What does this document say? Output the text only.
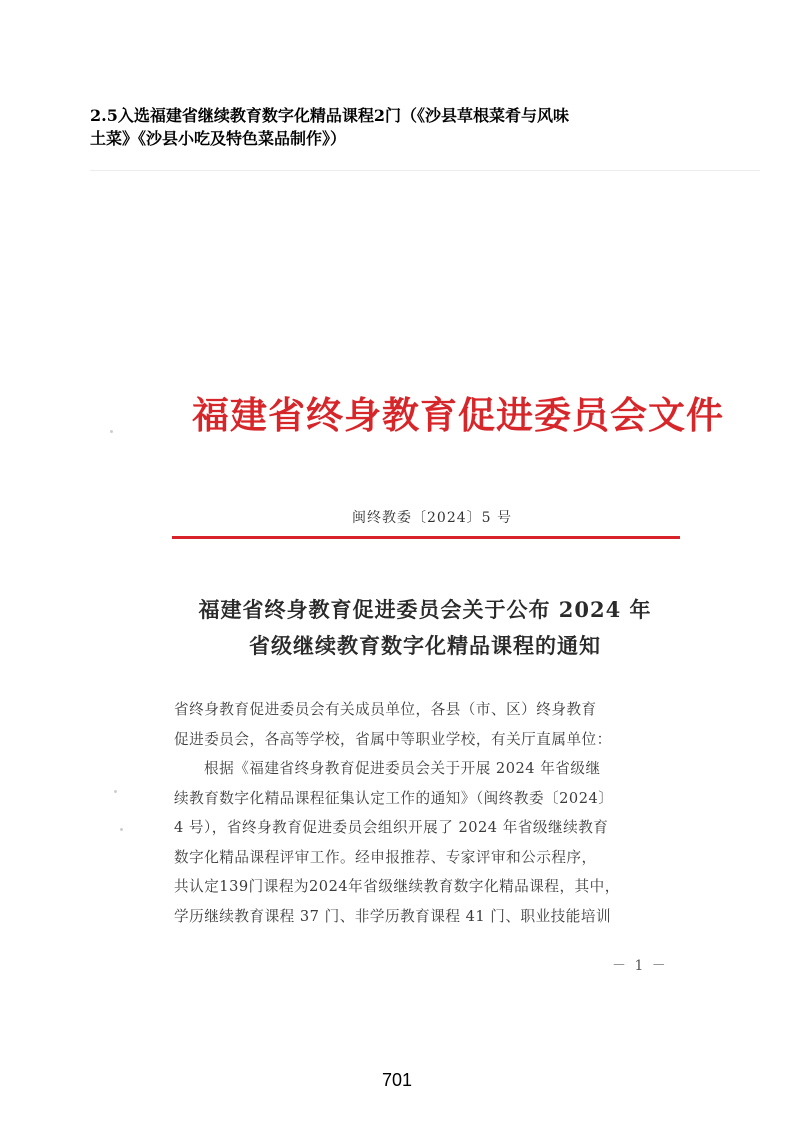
2.5入选福建省继续教育数字化精品课程2门（《沙县草根菜肴与风味
土菜》《沙县小吃及特色菜品制作》）
福建省终身教育促进委员会文件
闽终教委〔2024〕5 号
福建省终身教育促进委员会关于公布 2024 年
省级继续教育数字化精品课程的通知
省终身教育促进委员会有关成员单位，各县（市、区）终身教育
促进委员会，各高等学校，省属中等职业学校，有关厅直属单位：
根据《福建省终身教育促进委员会关于开展 2024 年省级继
续教育数字化精品课程征集认定工作的通知》（闽终教委〔2024〕
4 号），省终身教育促进委员会组织开展了 2024 年省级继续教育
数字化精品课程评审工作。经申报推荐、专家评审和公示程序，
共认定139门课程为2024年省级继续教育数字化精品课程，其中，
学历继续教育课程 37 门、非学历教育课程 41 门、职业技能培训
－ 1 －
701
